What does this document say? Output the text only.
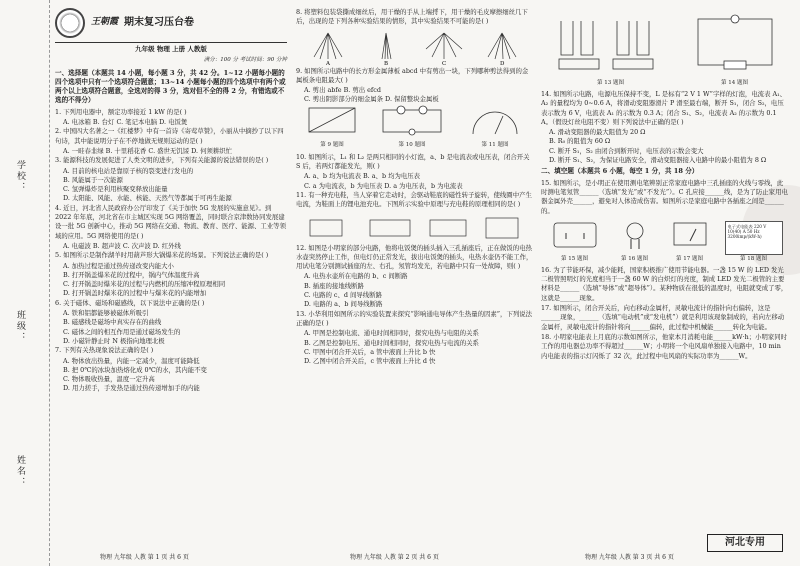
学校：
班级：
姓名：
王朝霞 期末复习压台卷
九年级 物理 上册 人教版
满分：100 分 考试时间：90 分钟
一、选择题（本题共 14 小题，每小题 3 分，共 42 分。1~12 小题每小题的四个选项中只有一个选项符合题意；13~14 小题每小题的四个选项中有两个或两个以上选项符合题意，全选对的得 3 分，选对但不全的得 2 分，有错选或不选的不得分）
1. 下列用电器中，额定功率接近 1 kW 的是( )
A. 电冰箱 B. 台灯 C. 笔记本电脑 D. 电饭煲
2. 中国四大名著之一《红楼梦》中有一首诗《寄莺草赞》，小丽从中摘抄了以下四句诗，其中能说明分子在不停地做无规则运动的是( )
A. 一畦春韭绿 B. 十里稻花香 C. 盛世无饥馁 D. 何须耕织忙
3. 能源科技的发展促进了人类文明的进步，下列有关能源的说法错误的是( )
A. 目前的核电站是靠原子核的裂变进行发电的
B. 风能属于一次能源
C. 氢弹爆炸是利用核聚变释放出能量
D. 太阳能、风能、水能、核能、天然气等都属于可再生能源
4. 近日，河北省人民政府办公厅印发了《关于加快 5G 发展的实施意见》。到 2022 年年底，河北省在市主城区实现 5G 网络覆盖，同时联合京津数协同发展建设一批 5G 创新中心，推动 5G 网络在交通、物流、教育、医疗、能源、工业等领域的应用。5G 网络使用的是( )
A. 电磁波 B. 超声波 C. 次声波 D. 红外线
5. 如图所示是制作湖羊时用葫芦形大锅爆米花的场景。下列说法正确的是( )
A. 加热过程是通过热传递改变内能大小
B. 打开锅盖爆米花的过程中，锅内气体温度升高
C. 打开锅盖时爆米花的过程与内燃机的压缩冲程原理相同
D. 打开锅盖时爆米花的过程中与爆米花的内能增加
6. 关于磁体、磁场和磁感线，以下说法中正确的是( )
A. 铁和铝都能够被磁体所吸引
B. 磁感线是磁场中真实存在的曲线
C. 磁体之间的相互作用是通过磁场发生的
D. 小磁针静止时 N 极指向地理北极
7. 下列有关热现象说法正确的是( )
A. 物体放出热量，内能一定减少，温度可能降低
B. 把 0℃的冰块加热熔化成 0℃的水，其内能不变
C. 物体吸收热量，温度一定升高
D. 用力搓手，手发热是通过热传递增加手的内能
8. 将塑料包装袋撕成细丝后，用干燥的手从上端捋下，用干燥的毛皮摩擦细丝几下后，出现的是下列各种实验结果的情形，其中实验结果不可能的是( )
A	B	C	D
9. 如图所示电路中的长方形金属薄板 abcd 中有剪出一块，下列哪种剪法得到的金属板条电阻最大( )
A. 剪出 abfe B. 剪出 efcd
C. 剪出阴影部分的细金属条 D. 保留整块金属板
第 9 题图	第 10 题图	第 11 题图
10. 如图所示，L₁ 和 L₂ 是两只相同的小灯泡，a、b 是电流表或电压表，闭合开关 S 后，若两灯都能发光，则( )
A. a、b 均为电流表 B. a、b 均为电压表
C. a 为电流表，b 为电压表 D. a 为电压表，b 为电流表
11. 有一种充电鞋，当人穿着它走动时，会驱动鞋底的磁性转子旋转，使线圈中产生电流，为鞋面上的锂电池充电。下图所示实验中原理与充电鞋的原理相同的是( )
12. 如图是小明家的部分电路，他将电饭煲的插头插入三孔插座后，正在做饭的电热水壶突然停止工作，但电灯仍正常发光，拔出电饭煲的插头，电热水壶仍不能工作，用试电笔分别测试插座的左、右孔，氖管均发光，若电路中只有一处故障，则( )
A. 电热水壶所在电路的 b、c 间断路
B. 插座的接地线断路
C. 电路的 c、d 间导线断路
D. 电路的 a、b 间导线断路
13. 小华利用如图所示的实验装置来探究“影响通电导体产生热量的因素”，下列说法正确的是( )
A. 甲图是控制电流、通电时间相同时，探究电热与电阻的关系
B. 乙图是控制电压、通电时间相同时，探究电热与电流的关系
C. 甲图中闭合开关后，a 管中液面上升比 b 快
D. 乙图中闭合开关后，c 管中液面上升比 d 快
第 13 题图	第 14 题图
14. 如图所示电路，电源电压保持不变，L 是标有“2 V 1 W”字样的灯泡，电流表 A₁、A₂ 的量程均为 0~0.6 A，将滑动变阻器滑片 P 滑至最右端，断开 S₁，闭合 S₂，电压表示数为 6 V，电流表 A₁ 的示数为 0.3 A；闭合 S₁、S₂，电流表 A₂ 的示数为 0.1 A。（假设灯丝电阻不变）则下列说法中正确的是( )
A. 滑动变阻器的最大阻值为 20 Ω
B. R₀ 的阻值为 60 Ω
C. 断开 S₁，S₂ 由闭合到断开时，电压表的示数会变大
D. 断开 S₁、S₂，为保证电路安全，滑动变阻器接入电路中的最小阻值为 8 Ω
二、填空题（本题共 6 小题，每空 1 分，共 18 分）
15. 如图所示，是小明正在使用测电笔辨别正常家庭电路中三孔插座的火线与零线，此时测电笔氖管______（选填“发光”或“不发光”）。C 孔应接______线，是为了防止家用电器金属外壳______，避免对人体造成伤害。如图所示是家庭电路中各插座之间是______的。
第 15 题图	第 16 题图	第 17 题图
电子式电能表 220 V 10(40) A 50 Hz 3200imp/(kW·h)
第 18 题图
16. 为了节能环保，减少能耗，国家积极推广使用节能电器。一盏 15 W 的 LED 发光二极管照明灯的光度相当于一盏 60 W 的白炽灯的亮度，制成 LED 发光二极管的主要材料是______（选填“导体”或“超导体”）。某种物质在很低的温度时，电阻就变成了零，这就是______现象。
17. 如图所示，闭合开关后，向右移动金属杆，灵敏电流计的指针向右偏转，这是______现象，______（选填“电动机”或“发电机”）就是利用该现象制成的，若向左移动金属杆，灵敏电流计的指针将向______偏转，此过程中机械能______转化为电能。
18. 小明家电能表上月底的示数如图所示，他家本月消耗电能______kW·h；小明家同时工作的用电器总功率不得超过______W；小明将一个电风扇单独接入电路中，10 min 内电能表的指示灯闪烁了 32 次，此过程中电风扇的实际功率为______W。
物理 九年级 人教 第 1 页 共 6 页	物理 九年级 人教 第 2 页 共 6 页	物理 九年级 人教 第 3 页 共 6 页
河北专用
